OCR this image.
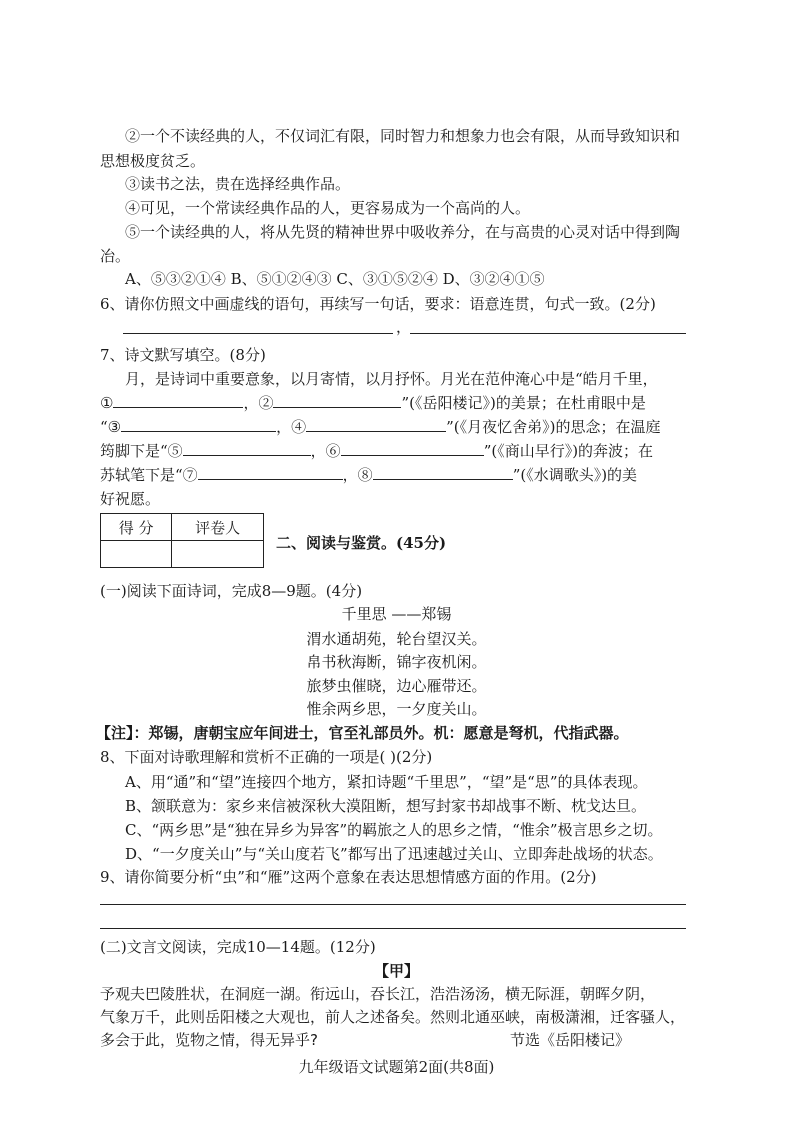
②一个不读经典的人，不仅词汇有限，同时智力和想象力也会有限，从而导致知识和
思想极度贫乏。
③读书之法，贵在选择经典作品。
④可见，一个常读经典作品的人，更容易成为一个高尚的人。
⑤一个读经典的人，将从先贤的精神世界中吸收养分，在与高贵的心灵对话中得到陶
冶。
A、⑤③②①④ B、⑤①②④③ C、③①⑤②④ D、③②④①⑤
6、请你仿照文中画虚线的语句，再续写一句话，要求：语意连贯，句式一致。(2分)
，
7、诗文默写填空。(8分)
月，是诗词中重要意象，以月寄情，以月抒怀。月光在范仲淹心中是“皓月千里，
①	，②	”(《岳阳楼记》)的美景；在杜甫眼中是
“③	，④	”(《月夜忆舍弟》)的思念；在温庭
筠脚下是“⑤	，⑥	”(《商山早行》)的奔波；在
苏轼笔下是“⑦	，⑧	”(《水调歌头》)的美
好祝愿。
得 分	评卷人

二、阅读与鉴赏。(45分)
(一)阅读下面诗词，完成8—9题。(4分)
千里思 ——郑锡
渭水通胡苑，轮台望汉关。
帛书秋海断，锦字夜机闲。
旅梦虫催晓，边心雁带还。
惟余两乡思，一夕度关山。
【注】：郑锡，唐朝宝应年间进士，官至礼部员外。机：愿意是弩机，代指武器。
8、下面对诗歌理解和赏析不正确的一项是( )(2分)
A、用“通”和“望”连接四个地方，紧扣诗题“千里思”，“望”是“思”的具体表现。
B、颔联意为：家乡来信被深秋大漠阻断，想写封家书却战事不断、枕戈达旦。
C、“两乡思”是“独在异乡为异客”的羁旅之人的思乡之情，“惟余”极言思乡之切。
D、“一夕度关山”与“关山度若飞”都写出了迅速越过关山、立即奔赴战场的状态。
9、请你简要分析“虫”和“雁”这两个意象在表达思想情感方面的作用。(2分)
(二)文言文阅读，完成10—14题。(12分)
【甲】
予观夫巴陵胜状，在洞庭一湖。衔远山，吞长江，浩浩汤汤，横无际涯，朝晖夕阴，
气象万千，此则岳阳楼之大观也，前人之述备矣。然则北通巫峡，南极潇湘，迁客骚人，
多会于此，览物之情，得无异乎?	节选《岳阳楼记》
九年级语文试题第2面(共8面)
